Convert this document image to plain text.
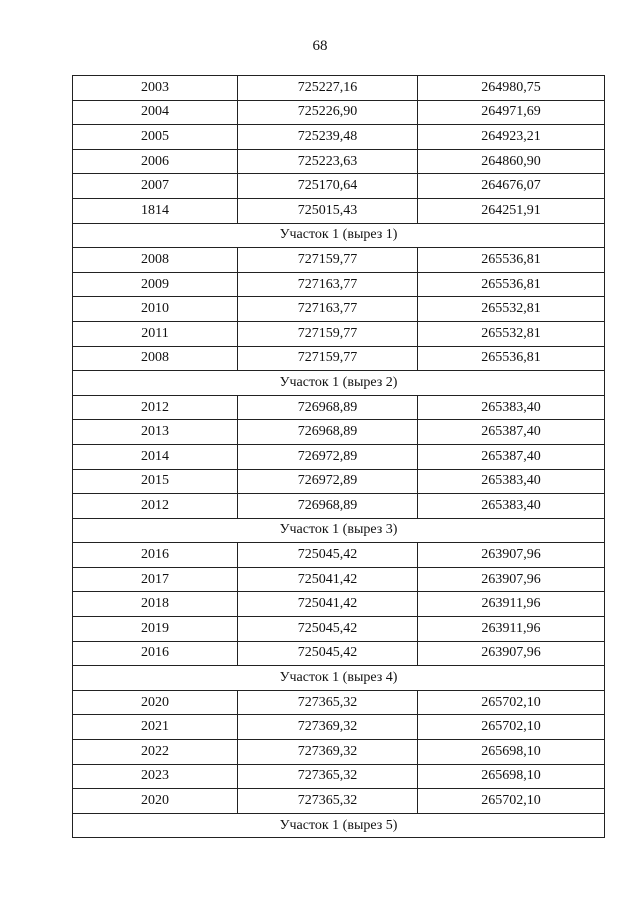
68
2003	725227,16	264980,75
2004	725226,90	264971,69
2005	725239,48	264923,21
2006	725223,63	264860,90
2007	725170,64	264676,07
1814	725015,43	264251,91
Участок 1 (вырез 1)		
2008	727159,77	265536,81
2009	727163,77	265536,81
2010	727163,77	265532,81
2011	727159,77	265532,81
2008	727159,77	265536,81
Участок 1 (вырез 2)		
2012	726968,89	265383,40
2013	726968,89	265387,40
2014	726972,89	265387,40
2015	726972,89	265383,40
2012	726968,89	265383,40
Участок 1 (вырез 3)		
2016	725045,42	263907,96
2017	725041,42	263907,96
2018	725041,42	263911,96
2019	725045,42	263911,96
2016	725045,42	263907,96
Участок 1 (вырез 4)		
2020	727365,32	265702,10
2021	727369,32	265702,10
2022	727369,32	265698,10
2023	727365,32	265698,10
2020	727365,32	265702,10
Участок 1 (вырез 5)		
